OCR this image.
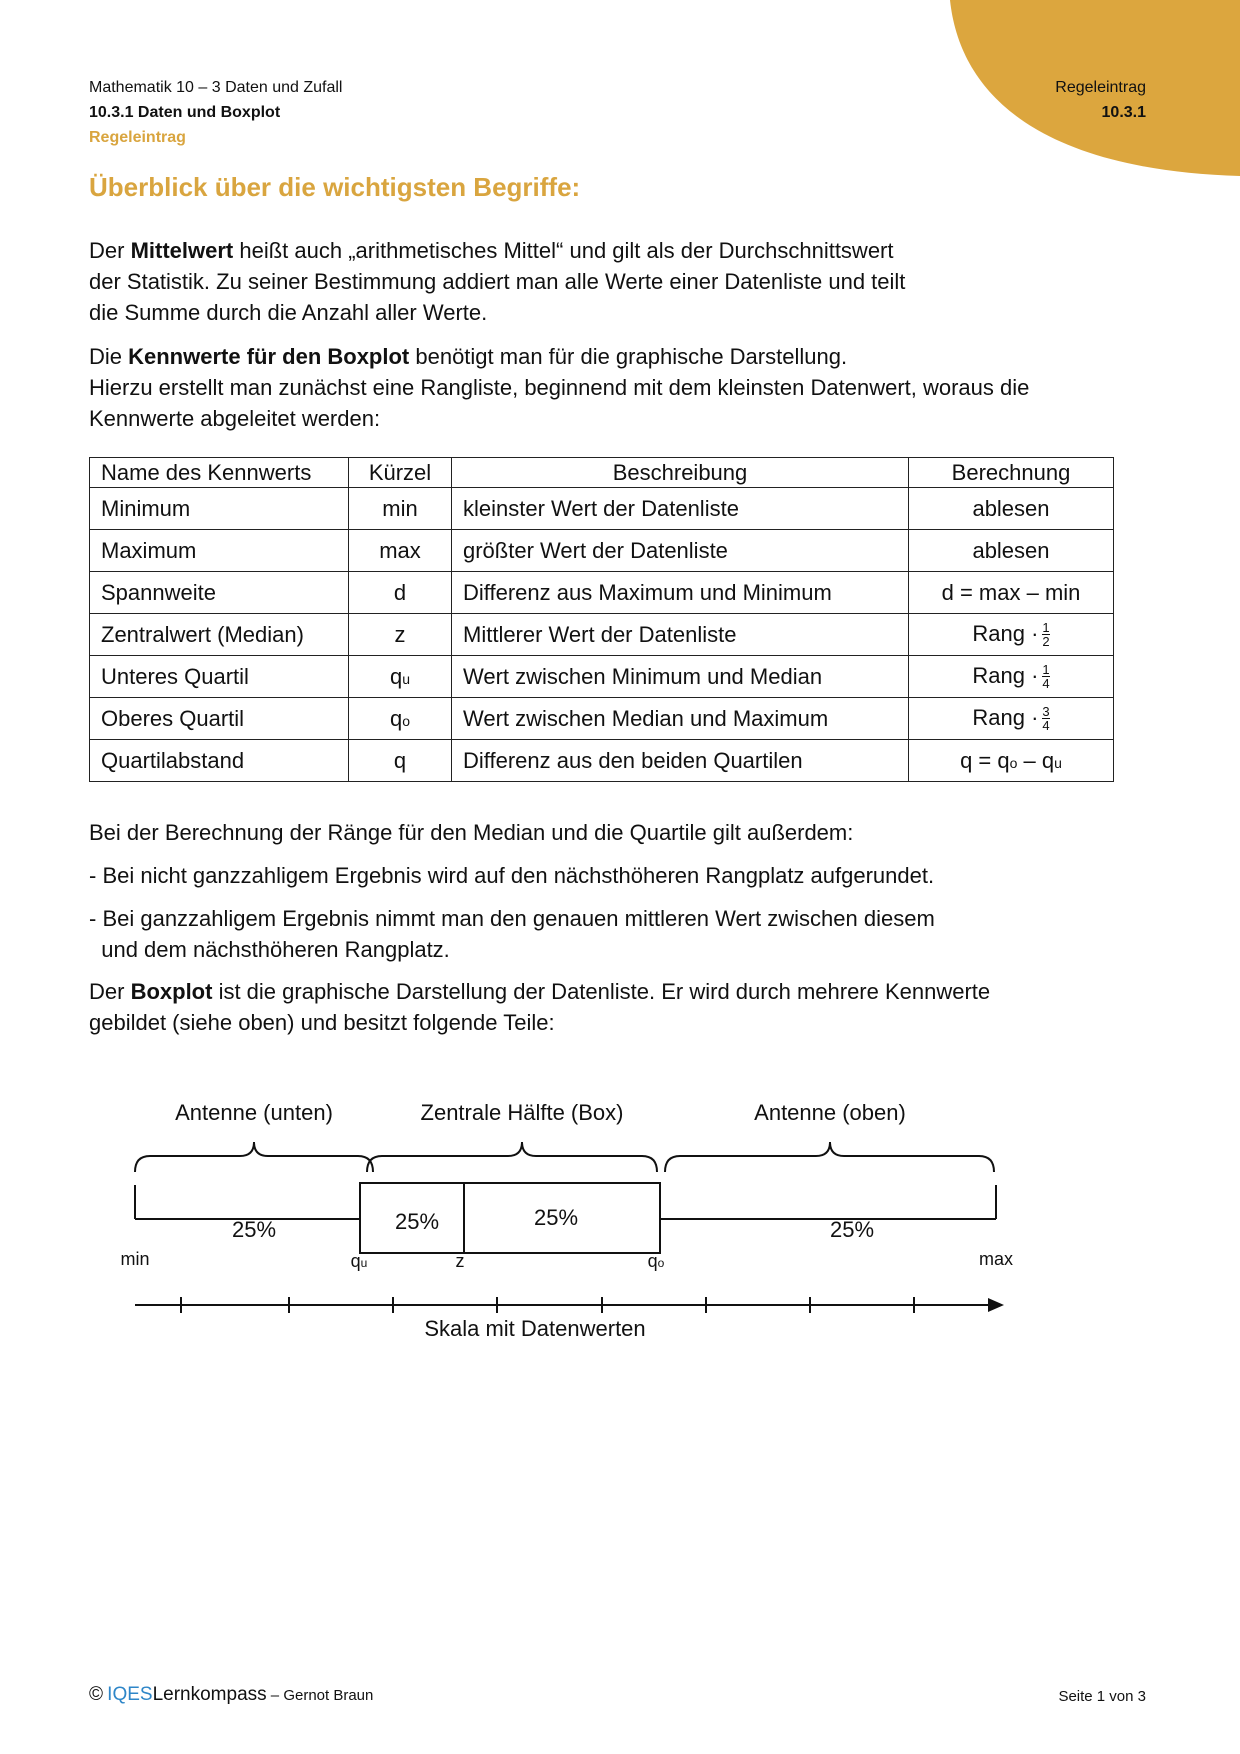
Mathematik 10 – 3 Daten und Zufall
10.3.1 Daten und Boxplot
Regeleintrag
Regeleintrag
10.3.1
Überblick über die wichtigsten Begriffe:
Der Mittelwert heißt auch „arithmetisches Mittel“ und gilt als der Durchschnittswert
der Statistik. Zu seiner Bestimmung addiert man alle Werte einer Datenliste und teilt
die Summe durch die Anzahl aller Werte.
Die Kennwerte für den Boxplot benötigt man für die graphische Darstellung.
Hierzu erstellt man zunächst eine Rangliste, beginnend mit dem kleinsten Datenwert, woraus die
Kennwerte abgeleitet werden:
Name des Kennwerts	Kürzel	Beschreibung	Berechnung
Minimum	min	kleinster Wert der Datenliste	ablesen
Maximum	max	größter Wert der Datenliste	ablesen
Spannweite	d	Differenz aus Maximum und Minimum	d = max – min
Zentralwert (Median)	z	Mittlerer Wert der Datenliste	Rang · $\frac{1}{2}$

Unteres Quartil	qu	Wert zwischen Minimum und Median	Rang · $\frac{1}{4}$

Oberes Quartil	qo	Wert zwischen Median und Maximum	Rang · $\frac{3}{4}$

Quartilabstand	q	Differenz aus den beiden Quartilen	q = qo – qu
Bei der Berechnung der Ränge für den Median und die Quartile gilt außerdem:
- Bei nicht ganzzahligem Ergebnis wird auf den nächsthöheren Rangplatz aufgerundet.
- Bei ganzzahligem Ergebnis nimmt man den genauen mittleren Wert zwischen diesem
und dem nächsthöheren Rangplatz.
Der Boxplot ist die graphische Darstellung der Datenliste. Er wird durch mehrere Kennwerte
gebildet (siehe oben) und besitzt folgende Teile:
Antenne (unten)	Zentrale Hälfte (Box)	Antenne (oben)
25%	25%	25%	25%
Skala mit Datenwerten
min	qu	z	qo	max
© IQESLernkompass – Gernot Braun	Seite 1 von 3
